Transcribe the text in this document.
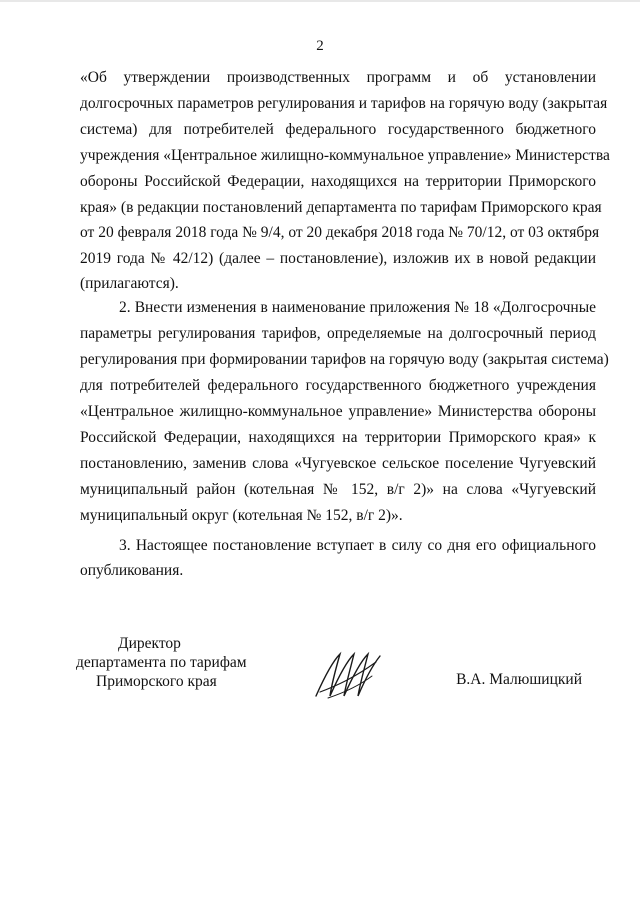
2
«Об утверждении производственных программ и об установлении
долгосрочных параметров регулирования и тарифов на горячую воду (закрытая
система) для потребителей федерального государственного бюджетного
учреждения «Центральное жилищно-коммунальное управление» Министерства
обороны Российской Федерации, находящихся на территории Приморского
края» (в редакции постановлений департамента по тарифам Приморского края
от 20 февраля 2018 года № 9/4, от 20 декабря 2018 года № 70/12, от 03 октября
2019 года № 42/12) (далее – постановление), изложив их в новой редакции
(прилагаются).
2. Внести изменения в наименование приложения № 18 «Долгосрочные
параметры регулирования тарифов, определяемые на долгосрочный период
регулирования при формировании тарифов на горячую воду (закрытая система)
для потребителей федерального государственного бюджетного учреждения
«Центральное жилищно-коммунальное управление» Министерства обороны
Российской Федерации, находящихся на территории Приморского края» к
постановлению, заменив слова «Чугуевское сельское поселение Чугуевский
муниципальный район (котельная № 152, в/г 2)» на слова «Чугуевский
муниципальный округ (котельная № 152, в/г 2)».
3. Настоящее постановление вступает в силу со дня его официального
опубликования.
Директор
департамента по тарифам
Приморского края	В.А. Малюшицкий
